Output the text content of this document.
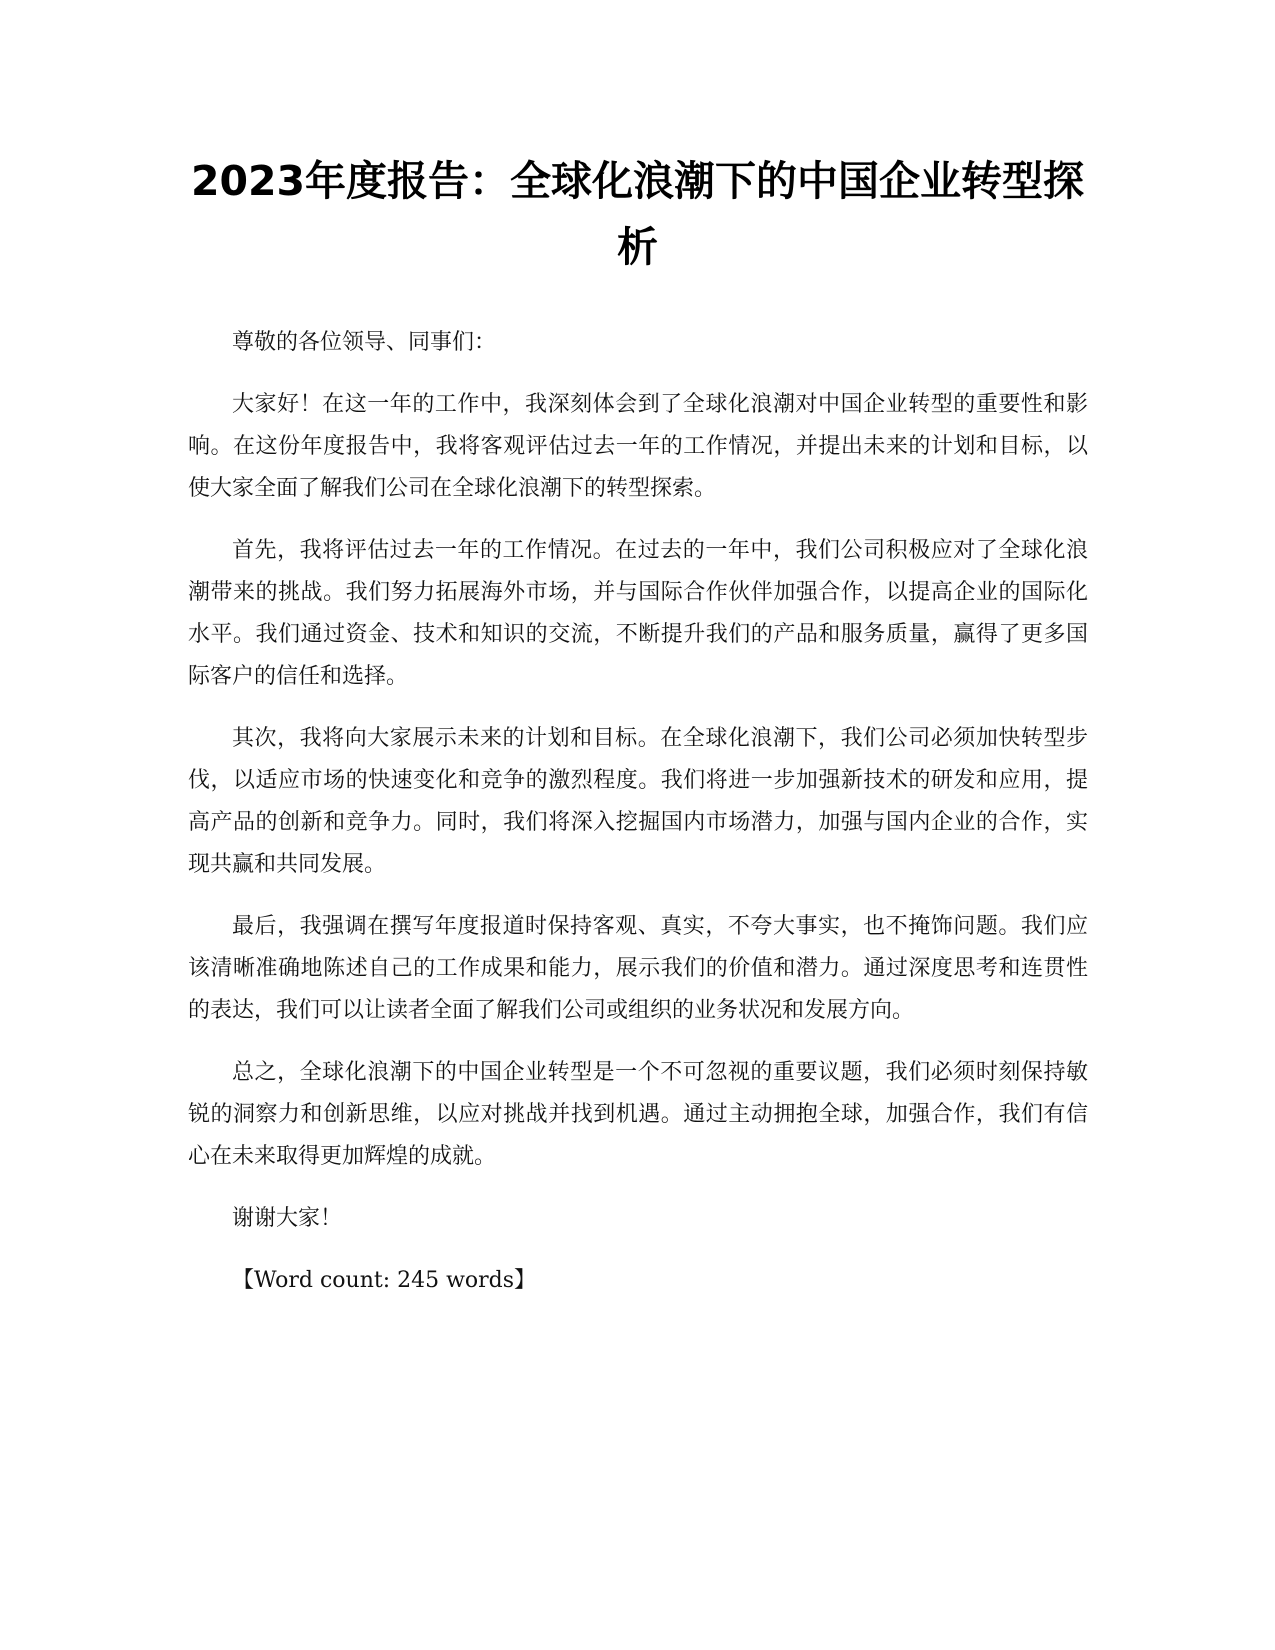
2023年度报告：全球化浪潮下的中国企业转型探析

尊敬的各位领导、同事们：

大家好！在这一年的工作中，我深刻体会到了全球化浪潮对中国企业转型的重要性和影响。在这份年度报告中，我将客观评估过去一年的工作情况，并提出未来的计划和目标，以使大家全面了解我们公司在全球化浪潮下的转型探索。

首先，我将评估过去一年的工作情况。在过去的一年中，我们公司积极应对了全球化浪潮带来的挑战。我们努力拓展海外市场，并与国际合作伙伴加强合作，以提高企业的国际化水平。我们通过资金、技术和知识的交流，不断提升我们的产品和服务质量，赢得了更多国际客户的信任和选择。

其次，我将向大家展示未来的计划和目标。在全球化浪潮下，我们公司必须加快转型步伐，以适应市场的快速变化和竞争的激烈程度。我们将进一步加强新技术的研发和应用，提高产品的创新和竞争力。同时，我们将深入挖掘国内市场潜力，加强与国内企业的合作，实现共赢和共同发展。

最后，我强调在撰写年度报道时保持客观、真实，不夸大事实，也不掩饰问题。我们应该清晰准确地陈述自己的工作成果和能力，展示我们的价值和潜力。通过深度思考和连贯性的表达，我们可以让读者全面了解我们公司或组织的业务状况和发展方向。

总之，全球化浪潮下的中国企业转型是一个不可忽视的重要议题，我们必须时刻保持敏锐的洞察力和创新思维，以应对挑战并找到机遇。通过主动拥抱全球，加强合作，我们有信心在未来取得更加辉煌的成就。

谢谢大家！

【Word count: 245 words】
